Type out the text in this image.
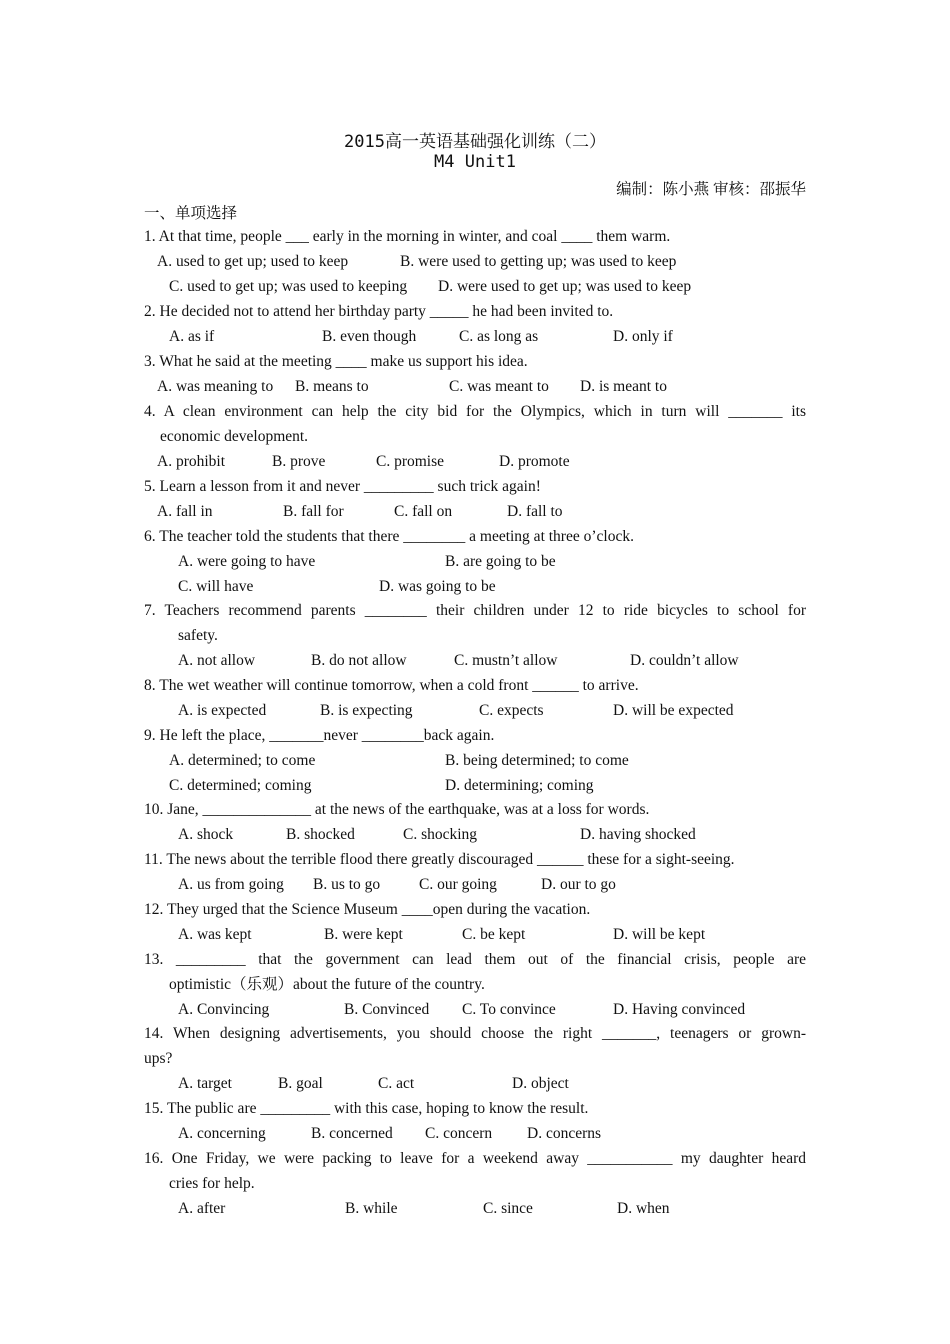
2015高一英语基础强化训练（二）
M4 Unit1
编制：陈小燕 审核：邵振华
一、单项选择
1. At that time, people ___ early in the morning in winter, and coal ____ them warm.
A. used to get up; used to keep	B. were used to getting up; was used to keep
C. used to get up; was used to keeping D. were used to get up; was used to keep
2. He decided not to attend her birthday party _____ he had been invited to.
A. as if	B. even though	C. as long as	D. only if
3. What he said at the meeting ____ make us support his idea.
A. was meaning to B. means to	C. was meant to D. is meant to
4. A clean environment can help the city bid for the Olympics, which in turn will _______ its
economic development.
A. prohibit	B. prove	C. promise	D. promote
5. Learn a lesson from it and never _________ such trick again!
A. fall in	B. fall for	C. fall on	D. fall to
6. The teacher told the students that there ________ a meeting at three o’clock.
A. were going to have	B. are going to be
C. will have	D. was going to be
7. Teachers recommend parents ________ their children under 12 to ride bicycles to school for
safety.
A. not allow	B. do not allow	C. mustn’t allow	D. couldn’t allow
8. The wet weather will continue tomorrow, when a cold front ______ to arrive.
A. is expected	B. is expecting	C. expects	D. will be expected
9. He left the place, _______never ________back again.
A. determined; to come	B. being determined; to come
C. determined; coming	D. determining; coming
10. Jane, ______________ at the news of the earthquake, was at a loss for words.
A. shock	B. shocked	C. shocking	D. having shocked
11. The news about the terrible flood there greatly discouraged ______ these for a sight-seeing.
A. us from going B. us to go	C. our going	D. our to go
12. They urged that the Science Museum ____open during the vacation.
A. was kept	B. were kept	C. be kept	D. will be kept
13. _________ that the government can lead them out of the financial crisis, people are
optimistic（乐观）about the future of the country.
A. Convincing	B. Convinced C. To convince	D. Having convinced
14. When designing advertisements, you should choose the right _______, teenagers or grown-
ups?
A. target	B. goal	C. act	D. object
15. The public are _________ with this case, hoping to know the result.
A. concerning	B. concerned C. concern D. concerns
16. One Friday, we were packing to leave for a weekend away ___________ my daughter heard
cries for help.
A. after	B. while	C. since	D. when
